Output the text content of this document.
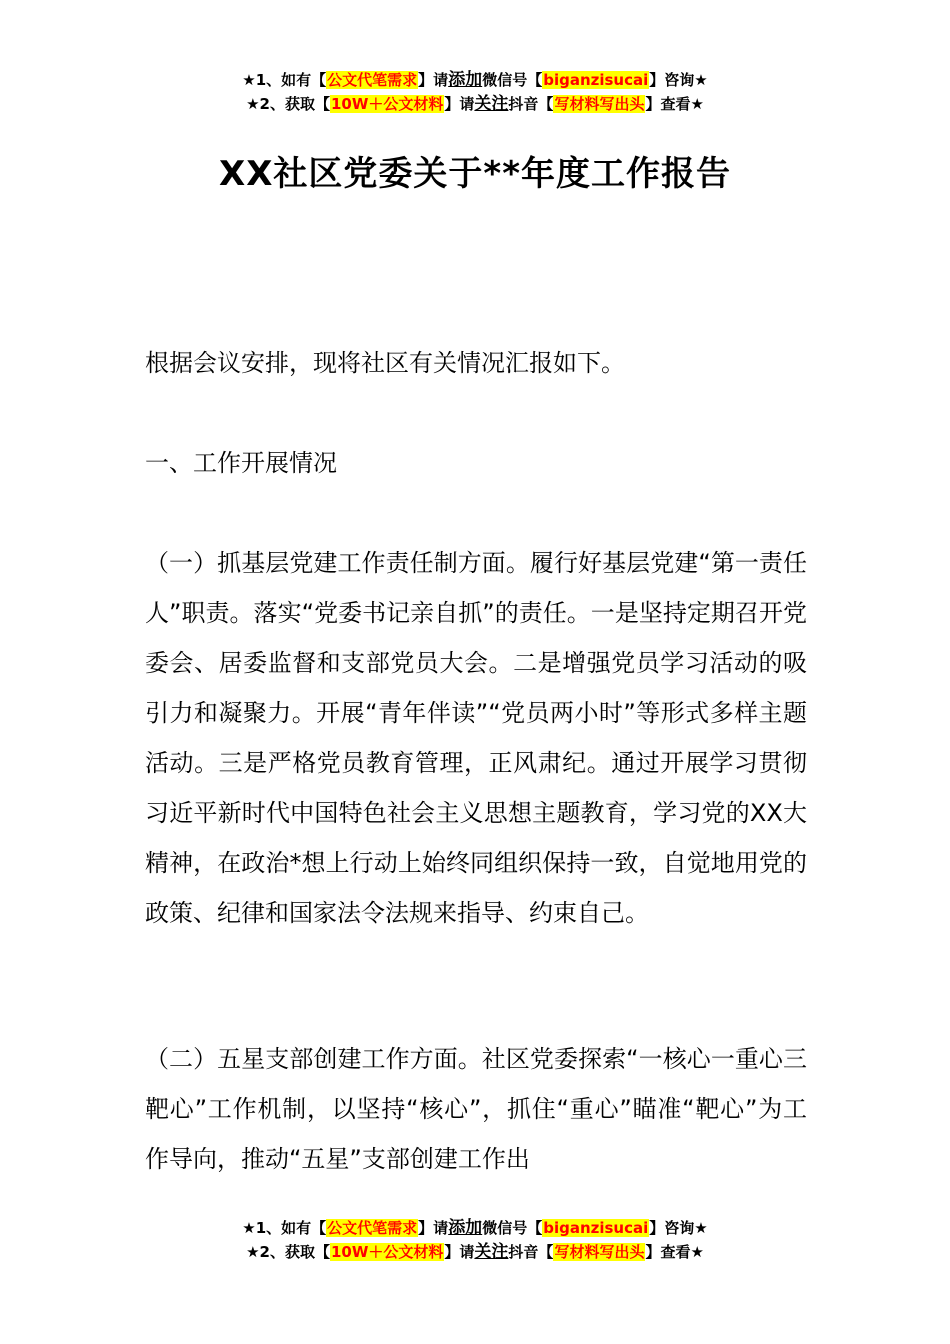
★1、如有【公文代笔需求】请添加微信号【biganzisucai】咨询★
★2、获取【10W＋公文材料】请关注抖音【写材料写出头】查看★
XX社区党委关于**年度工作报告

根据会议安排，现将社区有关情况汇报如下。

一、工作开展情况

（一）抓基层党建工作责任制方面。履行好基层党建“第一责任人”职责。落实“党委书记亲自抓”的责任。一是坚持定期召开党委会、居委监督和支部党员大会。二是增强党员学习活动的吸引力和凝聚力。开展“青年伴读”“党员两小时”等形式多样主题活动。三是严格党员教育管理，正风肃纪。通过开展学习贯彻习近平新时代中国特色社会主义思想主题教育，学习党的XX大精神，在政治*想上行动上始终同组织保持一致，自觉地用党的政策、纪律和国家法令法规来指导、约束自己。

（二）五星支部创建工作方面。社区党委探索“一核心一重心三靶心”工作机制，以坚持“核心”，抓住“重心”瞄准“靶心”为工作导向，推动“五星”支部创建工作出

★1、如有【公文代笔需求】请添加微信号【biganzisucai】咨询★
★2、获取【10W＋公文材料】请关注抖音【写材料写出头】查看★
